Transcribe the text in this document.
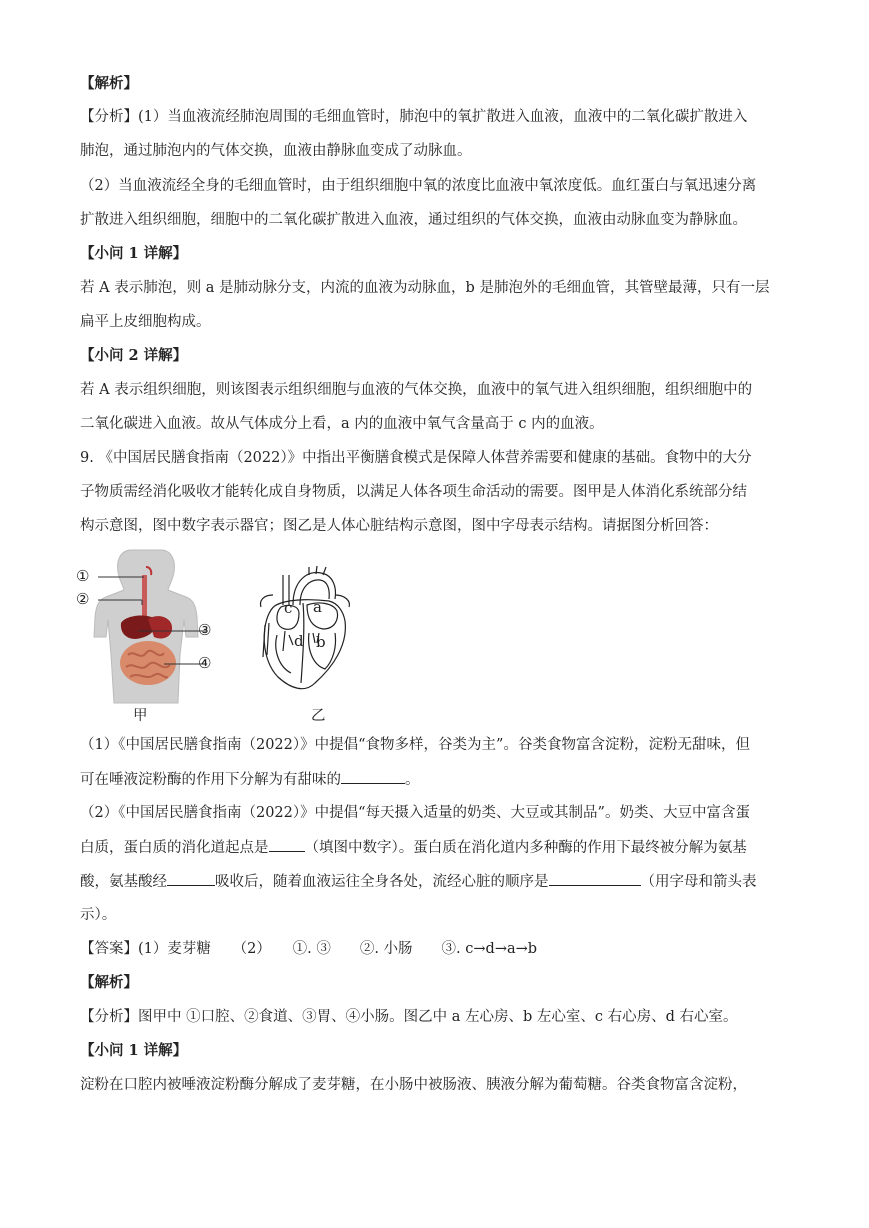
【解析】
【分析】(1）当血液流经肺泡周围的毛细血管时，肺泡中的氧扩散进入血液，血液中的二氧化碳扩散进入
肺泡，通过肺泡内的气体交换，血液由静脉血变成了动脉血。
（2）当血液流经全身的毛细血管时，由于组织细胞中氧的浓度比血液中氧浓度低。血红蛋白与氧迅速分离
扩散进入组织细胞，细胞中的二氧化碳扩散进入血液，通过组织的气体交换，血液由动脉血变为静脉血。
【小问 1 详解】
若 A 表示肺泡，则 a 是肺动脉分支，内流的血液为动脉血，b 是肺泡外的毛细血管，其管壁最薄，只有一层
扁平上皮细胞构成。
【小问 2 详解】
若 A 表示组织细胞，则该图表示组织细胞与血液的气体交换，血液中的氧气进入组织细胞，组织细胞中的
二氧化碳进入血液。故从气体成分上看，a 内的血液中氧气含量高于 c 内的血液。
9. 《中国居民膳食指南（2022）》中指出平衡膳食模式是保障人体营养需要和健康的基础。食物中的大分
子物质需经消化吸收才能转化成自身物质，以满足人体各项生命活动的需要。图甲是人体消化系统部分结
构示意图，图中数字表示器官；图乙是人体心脏结构示意图，图中字母表示结构。请据图分析回答：
①
②
③
④
甲
a
b
c
d
乙
（1）《中国居民膳食指南（2022）》中提倡“食物多样，谷类为主”。谷类食物富含淀粉，淀粉无甜味，但
可在唾液淀粉酶的作用下分解为有甜味的	。
（2）《中国居民膳食指南（2022）》中提倡“每天摄入适量的奶类、大豆或其制品”。奶类、大豆中富含蛋
白质，蛋白质的消化道起点是 （填图中数字）。蛋白质在消化道内多种酶的作用下最终被分解为氨基
酸，氨基酸经	吸收后，随着血液运往全身各处，流经心脏的顺序是	（用字母和箭头表
示）。
【答案】(1）麦芽糖　　（2）　　①. ③　　②. 小肠　　③. c→d→a→b
【解析】
【分析】图甲中 ①口腔、②食道、③胃、④小肠。图乙中 a 左心房、b 左心室、c 右心房、d 右心室。
【小问 1 详解】
淀粉在口腔内被唾液淀粉酶分解成了麦芽糖，在小肠中被肠液、胰液分解为葡萄糖。谷类食物富含淀粉，
